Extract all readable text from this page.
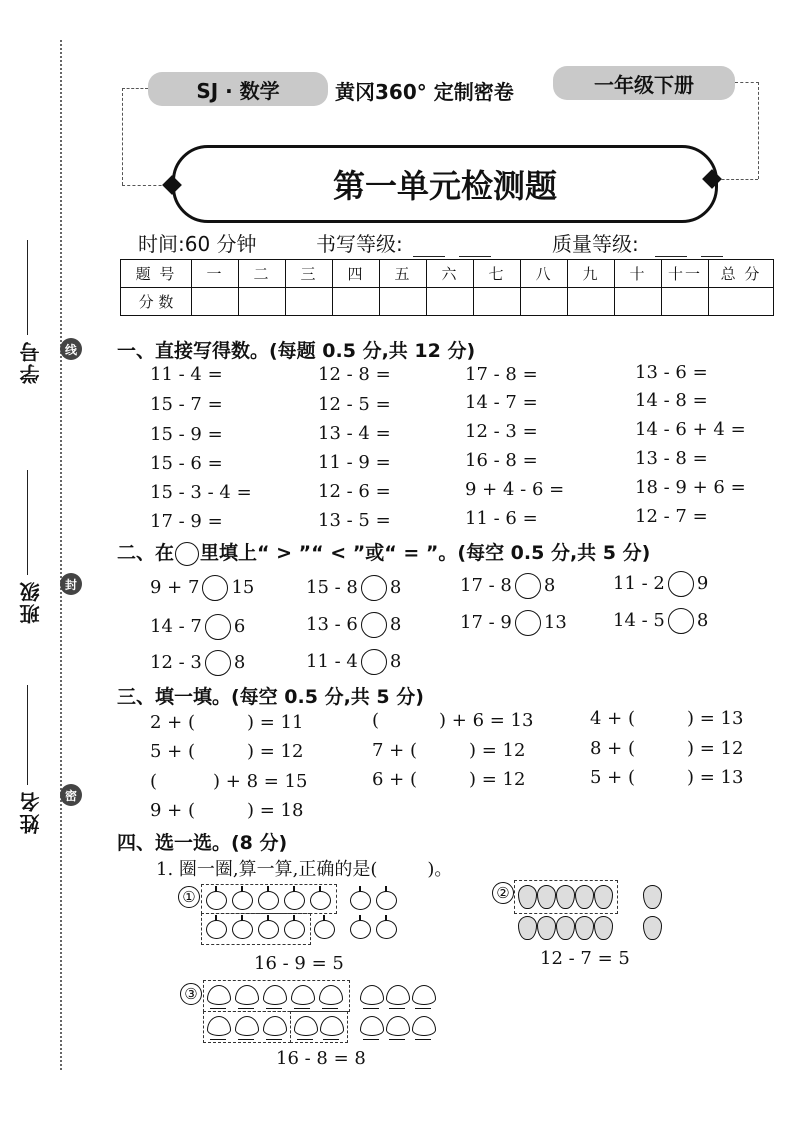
学号
班级
姓名
线
封
密
SJ · 数学	黄冈360° 定制密卷	一年级下册
第一单元检测题
时间:60 分钟	书写等级:	质量等级:
题 号	一	二	三	四	五	六	七	八	九	十	十一	总 分
分 数												
一、直接写得数。(每题 0.5 分,共 12 分)
11 - 4 =	12 - 8 =	17 - 8 =	13 - 6 =
15 - 7 =	12 - 5 =	14 - 7 =	14 - 8 =
15 - 9 =	13 - 4 =	12 - 3 =	14 - 6 + 4 =
15 - 6 =	11 - 9 =	16 - 8 =	13 - 8 =
15 - 3 - 4 =	12 - 6 =	9 + 4 - 6 =	18 - 9 + 6 =
17 - 9 =	13 - 5 =	11 - 6 =	12 - 7 =
二、在 里填上“ > ”“ < ”或“ = ”。(每空 0.5 分,共 5 分)
9 + 7 15	15 - 8 8	17 - 8 8	11 - 2 9
14 - 7 6	13 - 6 8	17 - 9 13	14 - 5 8
12 - 3 8	11 - 4 8
三、填一填。(每空 0.5 分,共 5 分)
2 + (	) = 11	(	) + 6 = 13	4 + (	) = 13
5 + (	) = 12	7 + (	) = 12	8 + (	) = 12
(	) + 8 = 15	6 + (	) = 12	5 + (	) = 13
9 + (	) = 18
四、选一选。(8 分)
1. 圈一圈,算一算,正确的是(	)。
①
16 - 9 = 5
②
12 - 7 = 5
③
16 - 8 = 8
